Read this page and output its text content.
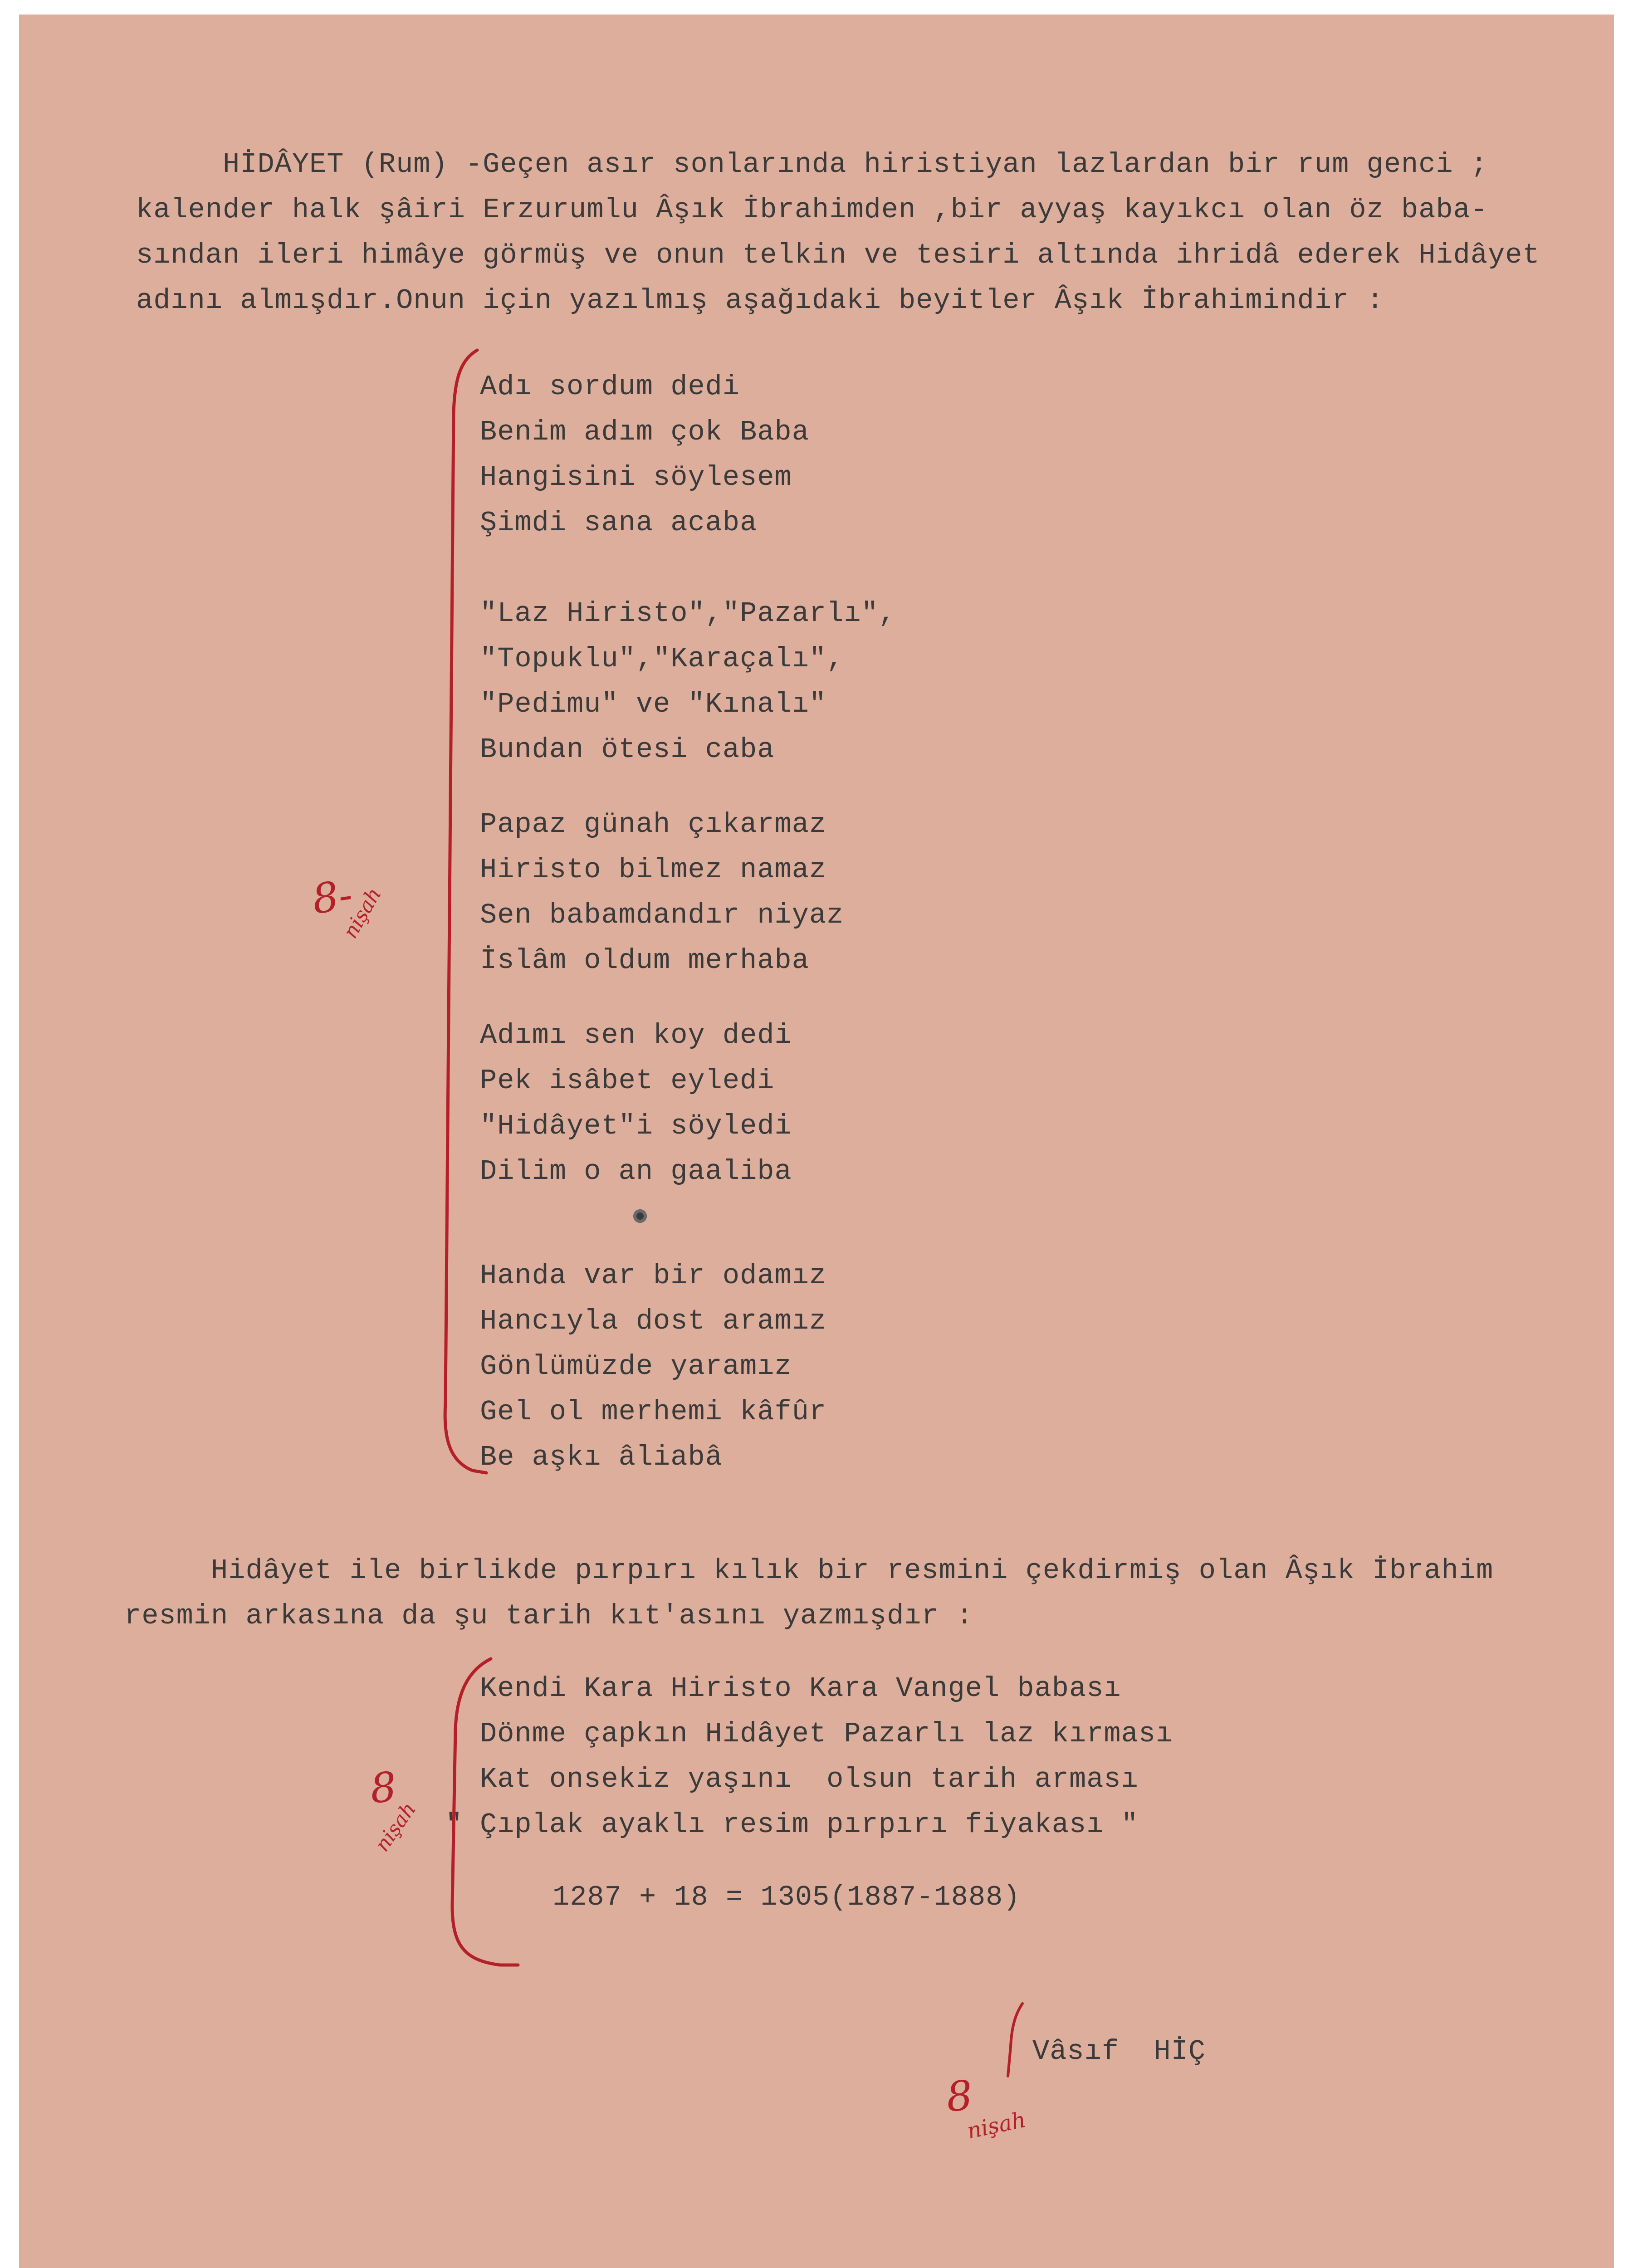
HİDÂYET (Rum) -Geçen asır sonlarında hiristiyan lazlardan bir rum genci ;
kalender halk şâiri Erzurumlu Âşık İbrahimden ,bir ayyaş kayıkcı olan öz baba-
sından ileri himâye görmüş ve onun telkin ve tesiri altında ihridâ ederek Hidâyet
adını almışdır.Onun için yazılmış aşağıdaki beyitler Âşık İbrahimindir :
Adı sordum dedi
Benim adım çok Baba
Hangisini söylesem
Şimdi sana acaba
"Laz Hiristo","Pazarlı",
"Topuklu","Karaçalı",
"Pedimu" ve "Kınalı"
Bundan ötesi caba
Papaz günah çıkarmaz
Hiristo bilmez namaz
Sen babamdandır niyaz
İslâm oldum merhaba
Adımı sen koy dedi
Pek isâbet eyledi
"Hidâyet"i söyledi
Dilim o an gaaliba
Handa var bir odamız
Hancıyla dost aramız
Gönlümüzde yaramız
Gel ol merhemi kâfûr
Be aşkı âliabâ
Hidâyet ile birlikde pırpırı kılık bir resmini çekdirmiş olan Âşık İbrahim
resmin arkasına da şu tarih kıt'asını yazmışdır :
Kendi Kara Hiristo Kara Vangel babası
Dönme çapkın Hidâyet Pazarlı laz kırması
Kat onsekiz yaşını  olsun tarih arması
" Çıplak ayaklı resim pırpırı fiyakası "
1287 + 18 = 1305(1887-1888)
Vâsıf  HİÇ
8-
nişah
8
nişah
8
nişah
